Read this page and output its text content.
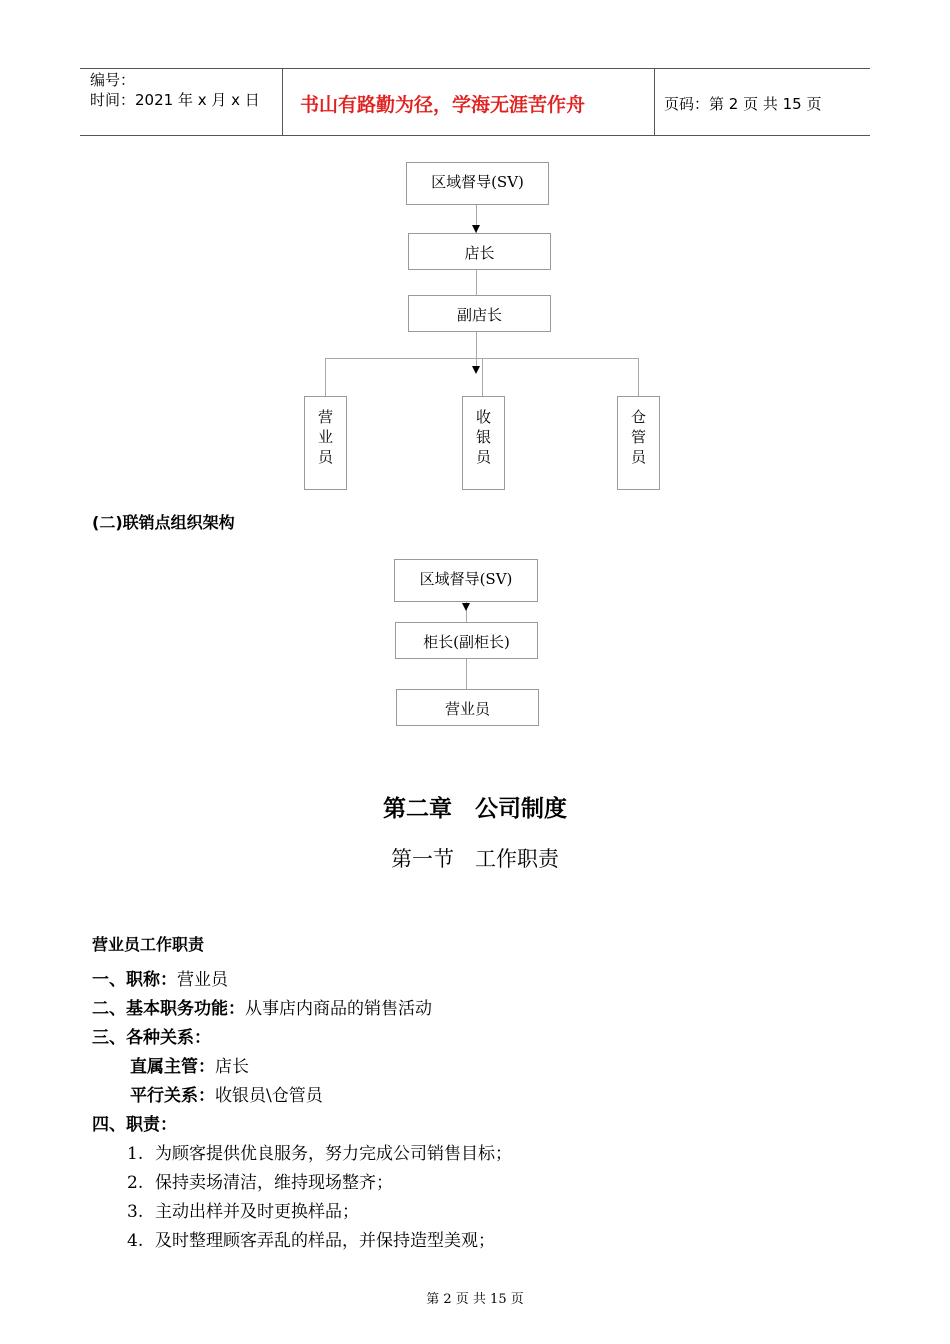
编号：
时间：2021 年 x 月 x 日 书山有路勤为径，学海无涯苦作舟	页码：第 2 页 共 15 页
区域督导(SV)
店长
副店长
营
业
员
收
银
员
仓
管
员
(二)联销点组织架构
区域督导(SV)
柜长(副柜长)
营业员
第二章　公司制度
第一节　工作职责
营业员工作职责
一、职称：营业员
二、基本职务功能：从事店内商品的销售活动
三、各种关系：
直属主管：店长
平行关系：收银员\仓管员
四、职责：
1. 为顾客提供优良服务，努力完成公司销售目标；
2. 保持卖场清洁，维持现场整齐；
3. 主动出样并及时更换样品；
4. 及时整理顾客弄乱的样品，并保持造型美观；
第 2 页 共 15 页
